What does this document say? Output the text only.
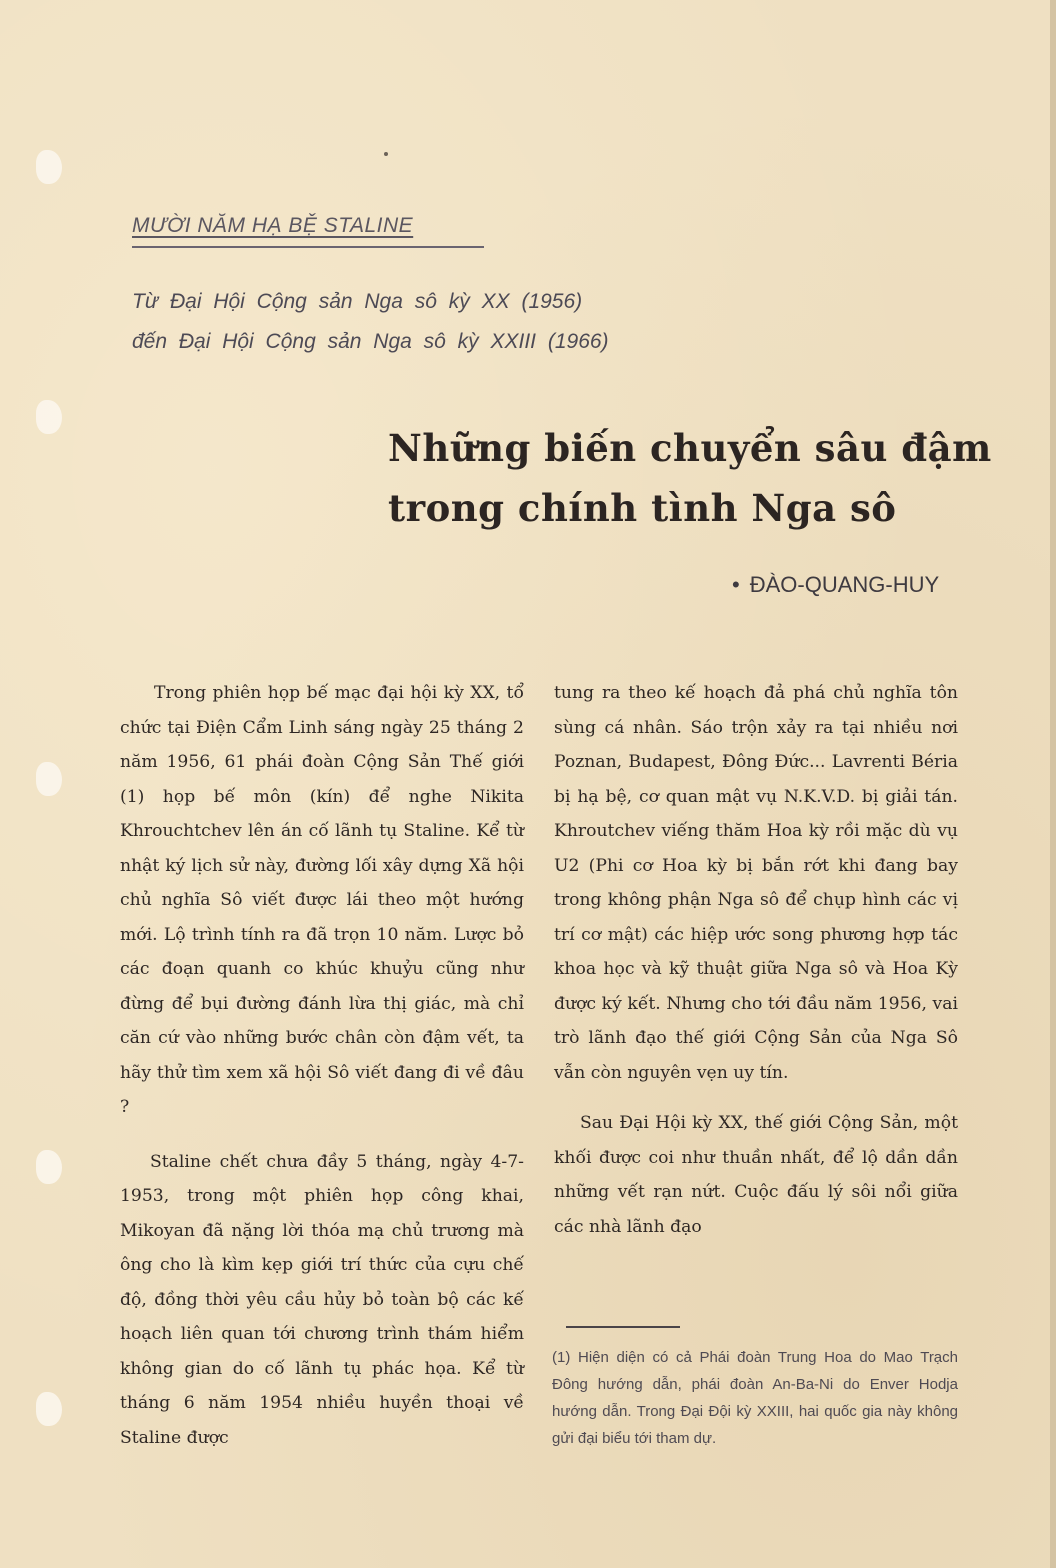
MƯỜI NĂM HẠ BỆ STALINE
Từ Đại Hội Cộng sản Nga sô kỳ XX (1956)
đến Đại Hội Cộng sản Nga sô kỳ XXIII (1966)
Những biến chuyển sâu đậm
trong chính tình Nga sô
• ĐÀO-QUANG-HUY

Trong phiên họp bế mạc đại hội kỳ XX, tổ chức tại Điện Cẩm Linh sáng ngày 25 tháng 2 năm 1956, 61 phái đoàn Cộng Sản Thế giới (1) họp bế môn (kín) để nghe Nikita Khrouchtchev lên án cố lãnh tụ Staline. Kể từ nhật ký lịch sử này, đường lối xây dựng Xã hội chủ nghĩa Sô viết được lái theo một hướng mới. Lộ trình tính ra đã trọn 10 năm. Lược bỏ các đoạn quanh co khúc khuỷu cũng như đừng để bụi đường đánh lừa thị giác, mà chỉ căn cứ vào những bước chân còn đậm vết, ta hãy thử tìm xem xã hội Sô viết đang đi về đâu ?

Staline chết chưa đầy 5 tháng, ngày 4-7-1953, trong một phiên họp công khai, Mikoyan đã nặng lời thóa mạ chủ trương mà ông cho là kìm kẹp giới trí thức của cựu chế độ, đồng thời yêu cầu hủy bỏ toàn bộ các kế hoạch liên quan tới chương trình thám hiểm không gian do cố lãnh tụ phác họa. Kể từ tháng 6 năm 1954 nhiều huyền thoại về Staline được

tung ra theo kế hoạch đả phá chủ nghĩa tôn sùng cá nhân. Sáo trộn xảy ra tại nhiều nơi Poznan, Budapest, Đông Đức... Lavrenti Béria bị hạ bệ, cơ quan mật vụ N.K.V.D. bị giải tán. Khroutchev viếng thăm Hoa kỳ rồi mặc dù vụ U2 (Phi cơ Hoa kỳ bị bắn rớt khi đang bay trong không phận Nga sô để chụp hình các vị trí cơ mật) các hiệp ước song phương hợp tác khoa học và kỹ thuật giữa Nga sô và Hoa Kỳ được ký kết. Nhưng cho tới đầu năm 1956, vai trò lãnh đạo thế giới Cộng Sản của Nga Sô vẫn còn nguyên vẹn uy tín.

Sau Đại Hội kỳ XX, thế giới Cộng Sản, một khối được coi như thuần nhất, để lộ dần dần những vết rạn nứt. Cuộc đấu lý sôi nổi giữa các nhà lãnh đạo

(1) Hiện diện có cả Phái đoàn Trung Hoa do Mao Trạch Đông hướng dẫn, phái đoàn An-Ba-Ni do Enver Hodja hướng dẫn. Trong Đại Đội kỳ XXIII, hai quốc gia này không gửi đại biểu tới tham dự.
